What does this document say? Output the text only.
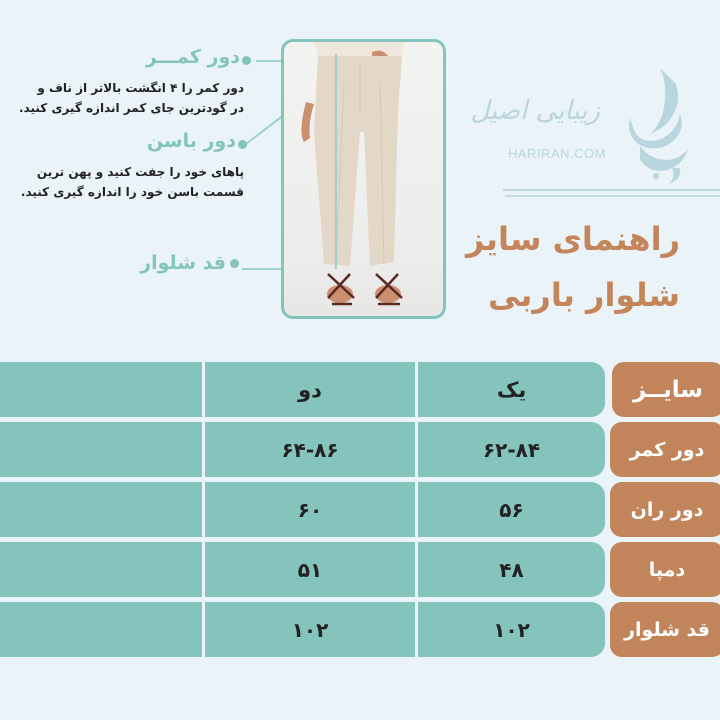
دور کمـــر
دور کمر را ۴ انگشت بالاتر از ناف و
در گودترین جای کمر اندازه گیری کنید.
دور باسن
پاهای خود را جفت کنید و پهن ترین
قسمت باسن خود را اندازه گیری کنید.
قد شلوار
زیبایی اصیل
HARIRAN.COM
راهنمای سایز
شلوار باربی
سایــز
یک
دو
دور کمر
۶۲-۸۴
۶۴-۸۶
دور ران
۵۶
۶۰
دمپا
۴۸
۵۱
قد شلوار
۱۰۲
۱۰۲
